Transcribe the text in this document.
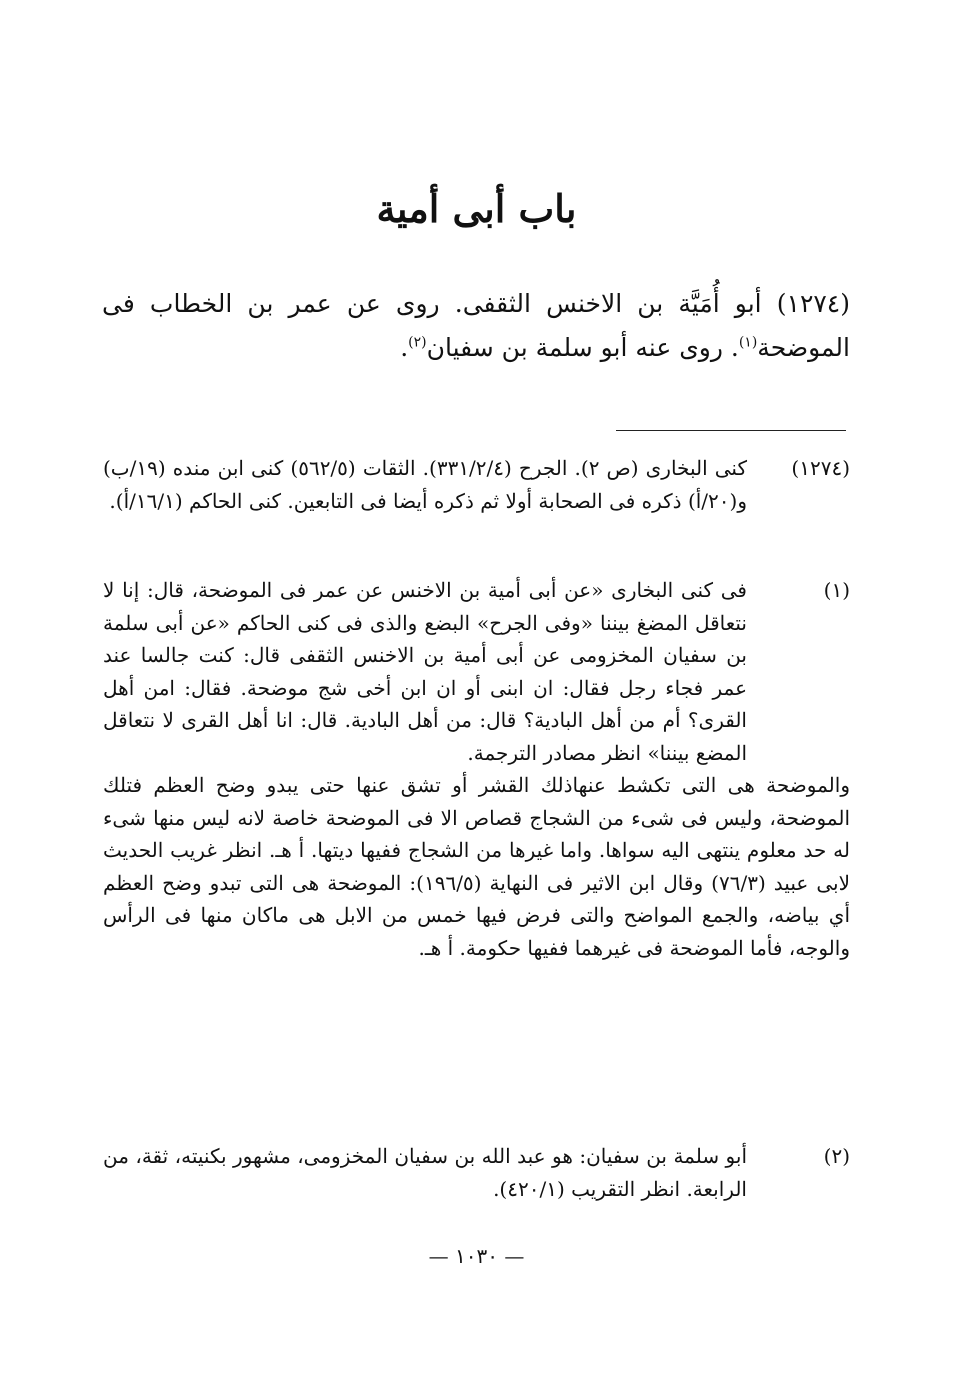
باب أبى أمية

(١٢٧٤) أبو أُمَيَّة بن الاخنس الثقفى. روى عن عمر بن الخطاب فى الموضحة$^{(١)}$. روى عنه أبو سلمة بن سفيان$^{(٢)}$.

(١٢٧٤)

كنى البخارى (ص ٢). الجرح (٣٣١/٢/٤). الثقات (٥٦٢/٥) كنى ابن منده (١٩/ب) و(٢٠/أ) ذكره فى الصحابة أولا ثم ذكره أيضا فى التابعين. كنى الحاكم (١٦/١/أ).

(١)

فى كنى البخارى «عن أبى أمية بن الاخنس عن عمر فى الموضحة، قال: إنا لا نتعاقل المضغ بيننا «وفى الجرح» البضع والذى فى كنى الحاكم «عن أبى سلمة بن سفيان المخزومى عن أبى أمية بن الاخنس الثقفى قال: كنت جالسا عند عمر فجاء رجل فقال: ان ابنى أو ان ابن أخى شج موضحة. فقال: امن أهل القرى؟ أم من أهل البادية؟ قال: من أهل البادية. قال: انا أهل القرى لا نتعاقل المضع بيننا» انظر مصادر الترجمة.

والموضحة هى التى تكشط عنهاذلك القشر أو تشق عنها حتى يبدو وضح العظم فتلك الموضحة، وليس فى شىء من الشجاج قصاص الا فى الموضحة خاصة لانه ليس منها شىء له حد معلوم ينتهى اليه سواها. واما غيرها من الشجاج ففيها ديتها. أ هـ. انظر غريب الحديث لابى عبيد (٧٦/٣) وقال ابن الاثير فى النهاية (١٩٦/٥): الموضحة هى التى تبدو وضح العظم أي بياضه، والجمع المواضح والتى فرض فيها خمس من الابل هى ماكان منها فى الرأس والوجه، فأما الموضحة فى غيرهما ففيها حكومة. أ هـ.

(٢)

أبو سلمة بن سفيان: هو عبد الله بن سفيان المخزومى، مشهور بكنيته، ثقة، من الرابعة. انظر التقريب (٤٢٠/١).

— ١٠٣٠ —
